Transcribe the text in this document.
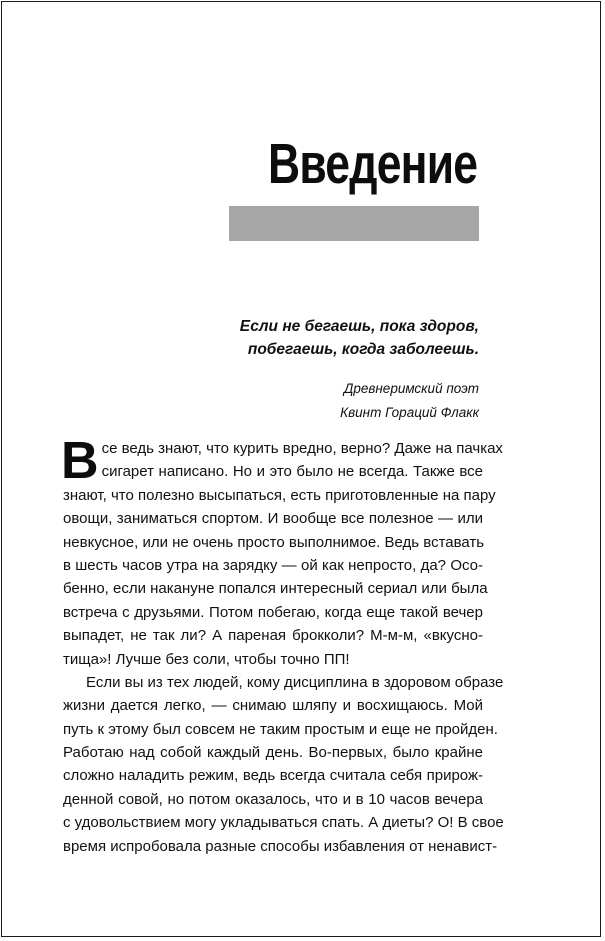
Введение
Если не бегаешь, пока здоров,
побегаешь, когда заболеешь.
Древнеримский поэт
Квинт Гораций Флакк
В се ведь знают, что курить вредно, верно? Даже на пачках
сигарет написано. Но и это было не всегда. Также все
знают, что полезно высыпаться, есть приготовленные на пару
овощи, заниматься спортом. И вообще все полезное — или
невкусное, или не очень просто выполнимое. Ведь вставать
в шесть часов утра на зарядку — ой как непросто, да? Осо-
бенно, если накануне попался интересный сериал или была
встреча с друзьями. Потом побегаю, когда еще такой вечер
выпадет, не так ли? А пареная брокколи? М-м-м, «вкусно-
тища»! Лучше без соли, чтобы точно ПП!
Если вы из тех людей, кому дисциплина в здоровом образе
жизни дается легко, — снимаю шляпу и восхищаюсь. Мой
путь к этому был совсем не таким простым и еще не пройден.
Работаю над собой каждый день. Во-первых, было крайне
сложно наладить режим, ведь всегда считала себя прирож-
денной совой, но потом оказалось, что и в 10 часов вечера
с удовольствием могу укладываться спать. А диеты? О! В свое
время испробовала разные способы избавления от ненавист-
